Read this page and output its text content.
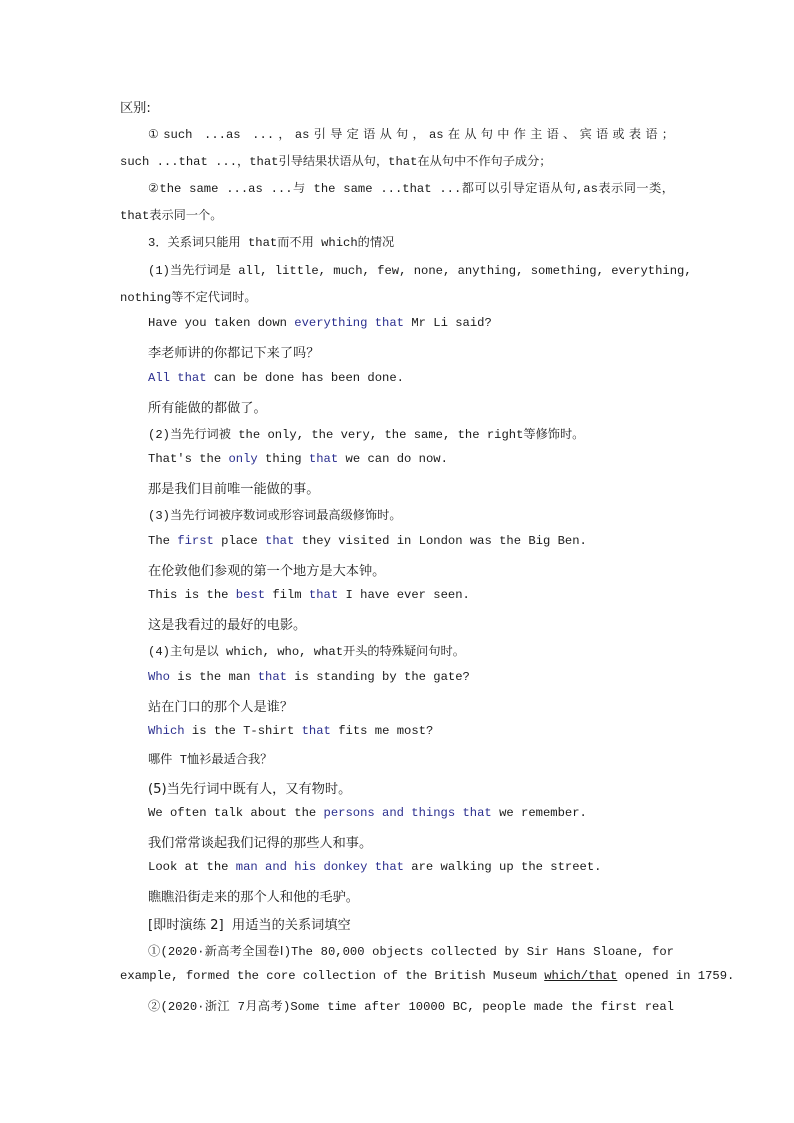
区别:
①such ...as ...，as引导定语从句，as在从句中作主语、宾语或表语；
such ...that ...，that引导结果状语从句，that在从句中不作句子成分；
②the same ...as ...与 the same ...that ...都可以引导定语从句,as表示同一类，
that表示同一个。
3．关系词只能用 that而不用 which的情况
(1)当先行词是 all, little, much, few, none, anything, something, everything,
nothing等不定代词时。
Have you taken down everything that Mr Li said?
李老师讲的你都记下来了吗？
All that can be done has been done.
所有能做的都做了。
(2)当先行词被 the only, the very, the same, the right等修饰时。
That's the only thing that we can do now.
那是我们目前唯一能做的事。
(3)当先行词被序数词或形容词最高级修饰时。
The first place that they visited in London was the Big Ben.
在伦敦他们参观的第一个地方是大本钟。
This is the best film that I have ever seen.
这是我看过的最好的电影。
(4)主句是以 which, who, what开头的特殊疑问句时。
Who is the man that is standing by the gate?
站在门口的那个人是谁？
Which is the T-shirt that fits me most?
哪件 T恤衫最适合我？
(5)当先行词中既有人，又有物时。
We often talk about the persons and things that we remember.
我们常常谈起我们记得的那些人和事。
Look at the man and his donkey that are walking up the street.
瞧瞧沿街走来的那个人和他的毛驴。
[即时演练 2] 用适当的关系词填空
①(2020·新高考全国卷Ⅰ)The 80,000 objects collected by Sir Hans Sloane, for
example, formed the core collection of the British Museum which/that opened in 1759.
②(2020·浙江 7月高考)Some time after 10000 BC, people made the first real
